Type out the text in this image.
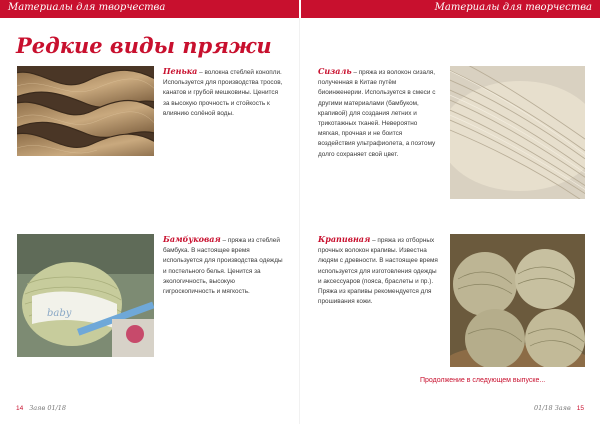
Материалы для творчества	Материалы для творчества
Редкие виды пряжи
baby
Пенька – волокна стеблей конопли. Используется для производства тросов, канатов и грубой мешковины. Ценится за высокую прочность и стойкость к влиянию солёной воды.
Сизаль – пряжа из волокон сизаля, полученная в Китае путём биоинженерии. Используется в смеси с другими материалами (бамбуком, крапивой) для создания летних и трикотажных тканей. Невероятно мягкая, прочная и не боится воздействия ультрафиолета, а поэтому долго сохраняет свой цвет.
Бамбуковая – пряжа из стеблей бамбука. В настоящее время используется для производства одежды и постельного белья. Ценится за экологичность, высокую гигроскопичность и мягкость.
Крапивная – пряжа из отборных прочных волокон крапивы. Известна людям с древности. В настоящее время используется для изготовления одежды и аксессуаров (пояса, браслеты и пр.). Пряжа из крапивы рекомендуется для прошивания кожи.
Продолжение в следующем выпуске...
14 Заяв 01/18	01/18 Заяв 15
